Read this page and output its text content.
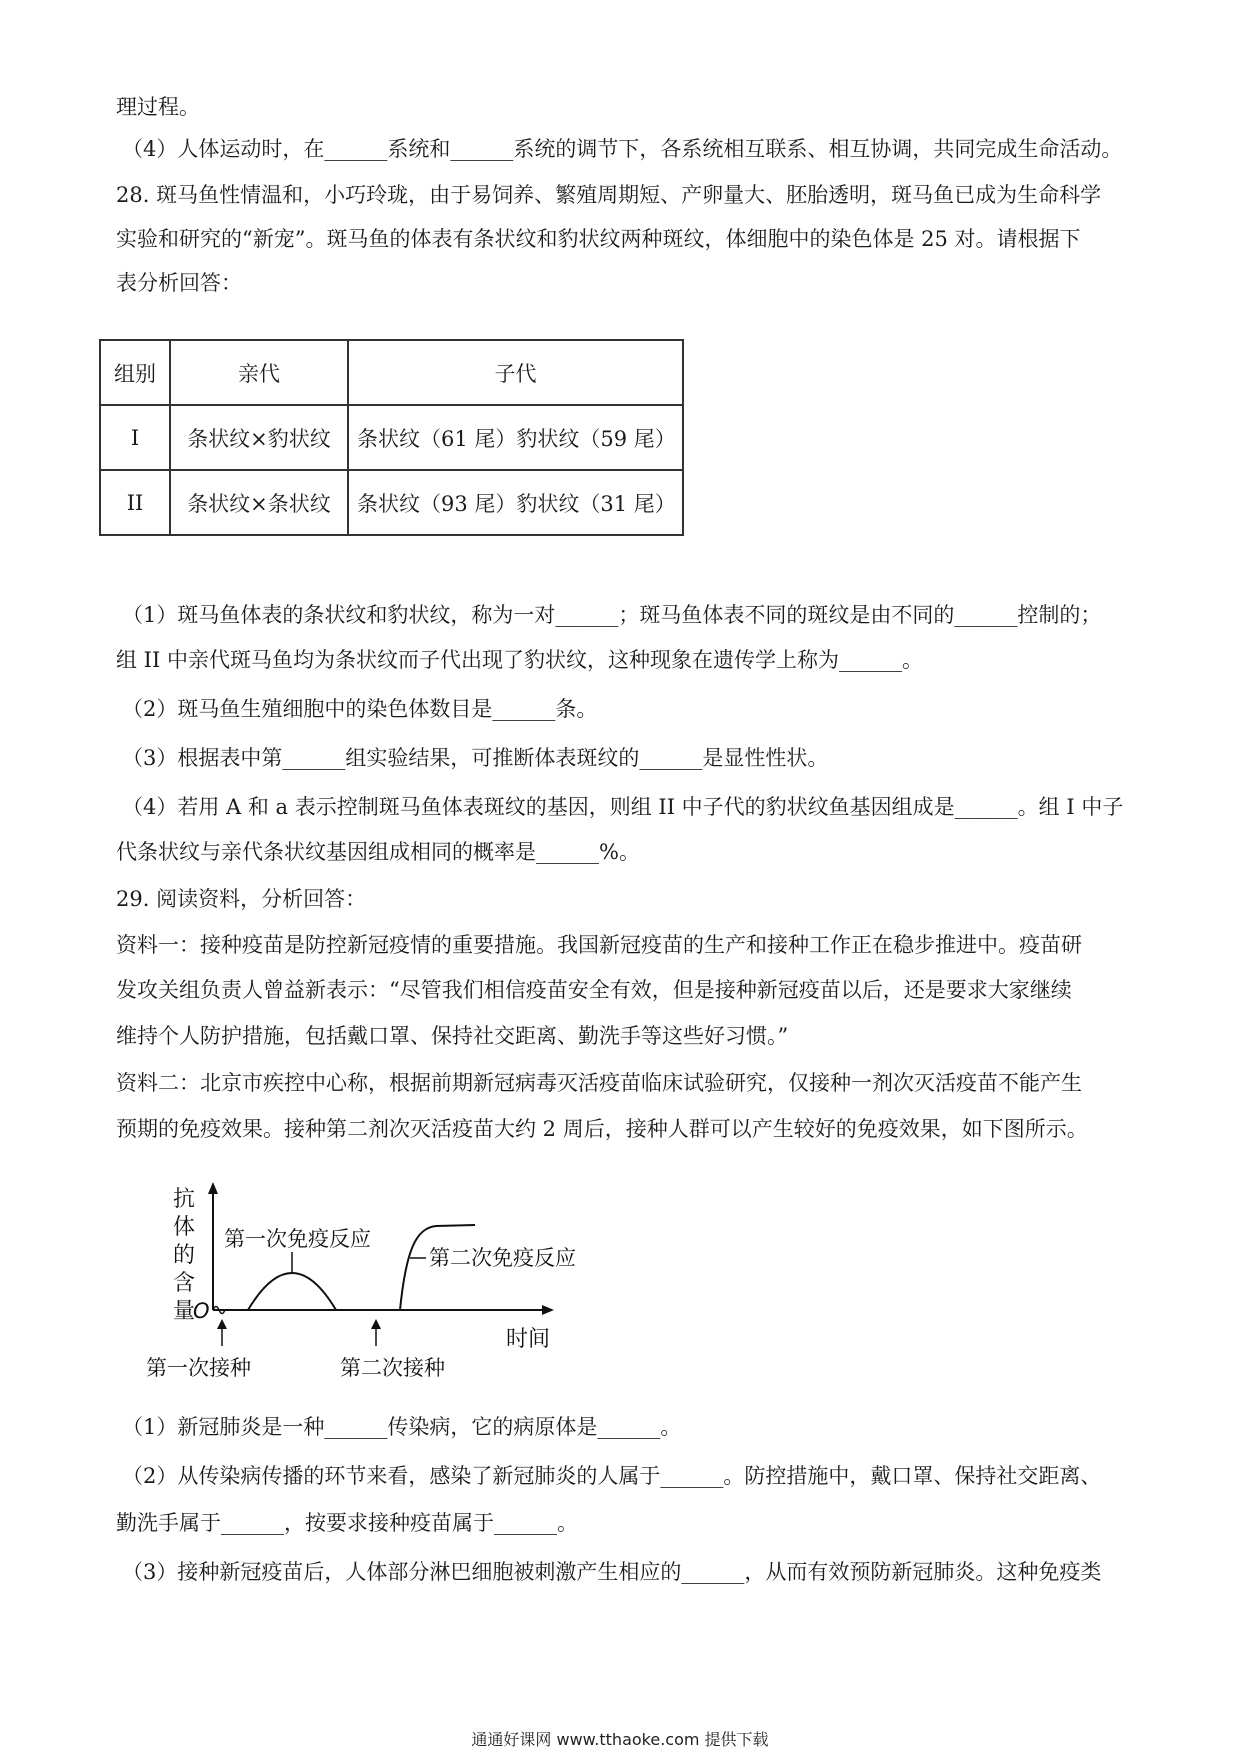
理过程。
（4）人体运动时，在______系统和______系统的调节下，各系统相互联系、相互协调，共同完成生命活动。
28. 斑马鱼性情温和，小巧玲珑，由于易饲养、繁殖周期短、产卵量大、胚胎透明，斑马鱼已成为生命科学
实验和研究的“新宠”。斑马鱼的体表有条状纹和豹状纹两种斑纹，体细胞中的染色体是 25 对。请根据下
表分析回答：
组别	亲代	子代
I	条状纹×豹状纹	条状纹（61 尾）豹状纹（59 尾）
II	条状纹×条状纹	条状纹（93 尾）豹状纹（31 尾）
（1）斑马鱼体表的条状纹和豹状纹，称为一对______；斑马鱼体表不同的斑纹是由不同的______控制的；
组 II 中亲代斑马鱼均为条状纹而子代出现了豹状纹，这种现象在遗传学上称为______。
（2）斑马鱼生殖细胞中的染色体数目是______条。
（3）根据表中第______组实验结果，可推断体表斑纹的______是显性性状。
（4）若用 A 和 a 表示控制斑马鱼体表斑纹的基因，则组 II 中子代的豹状纹鱼基因组成是______。组 I 中子
代条状纹与亲代条状纹基因组成相同的概率是______%。
29. 阅读资料，分析回答：
资料一：接种疫苗是防控新冠疫情的重要措施。我国新冠疫苗的生产和接种工作正在稳步推进中。疫苗研
发攻关组负责人曾益新表示：“尽管我们相信疫苗安全有效，但是接种新冠疫苗以后，还是要求大家继续
维持个人防护措施，包括戴口罩、保持社交距离、勤洗手等这些好习惯。”
资料二：北京市疾控中心称，根据前期新冠病毒灭活疫苗临床试验研究，仅接种一剂次灭活疫苗不能产生
预期的免疫效果。接种第二剂次灭活疫苗大约 2 周后，接种人群可以产生较好的免疫效果，如下图所示。
抗
体
的
含
量
O
第一次免疫反应
第二次免疫反应
时间
第一次接种	第二次接种
（1）新冠肺炎是一种______传染病，它的病原体是______。
（2）从传染病传播的环节来看，感染了新冠肺炎的人属于______。防控措施中，戴口罩、保持社交距离、
勤洗手属于______，按要求接种疫苗属于______。
（3）接种新冠疫苗后，人体部分淋巴细胞被刺激产生相应的______，从而有效预防新冠肺炎。这种免疫类
通通好课网 www.tthaoke.com 提供下载
